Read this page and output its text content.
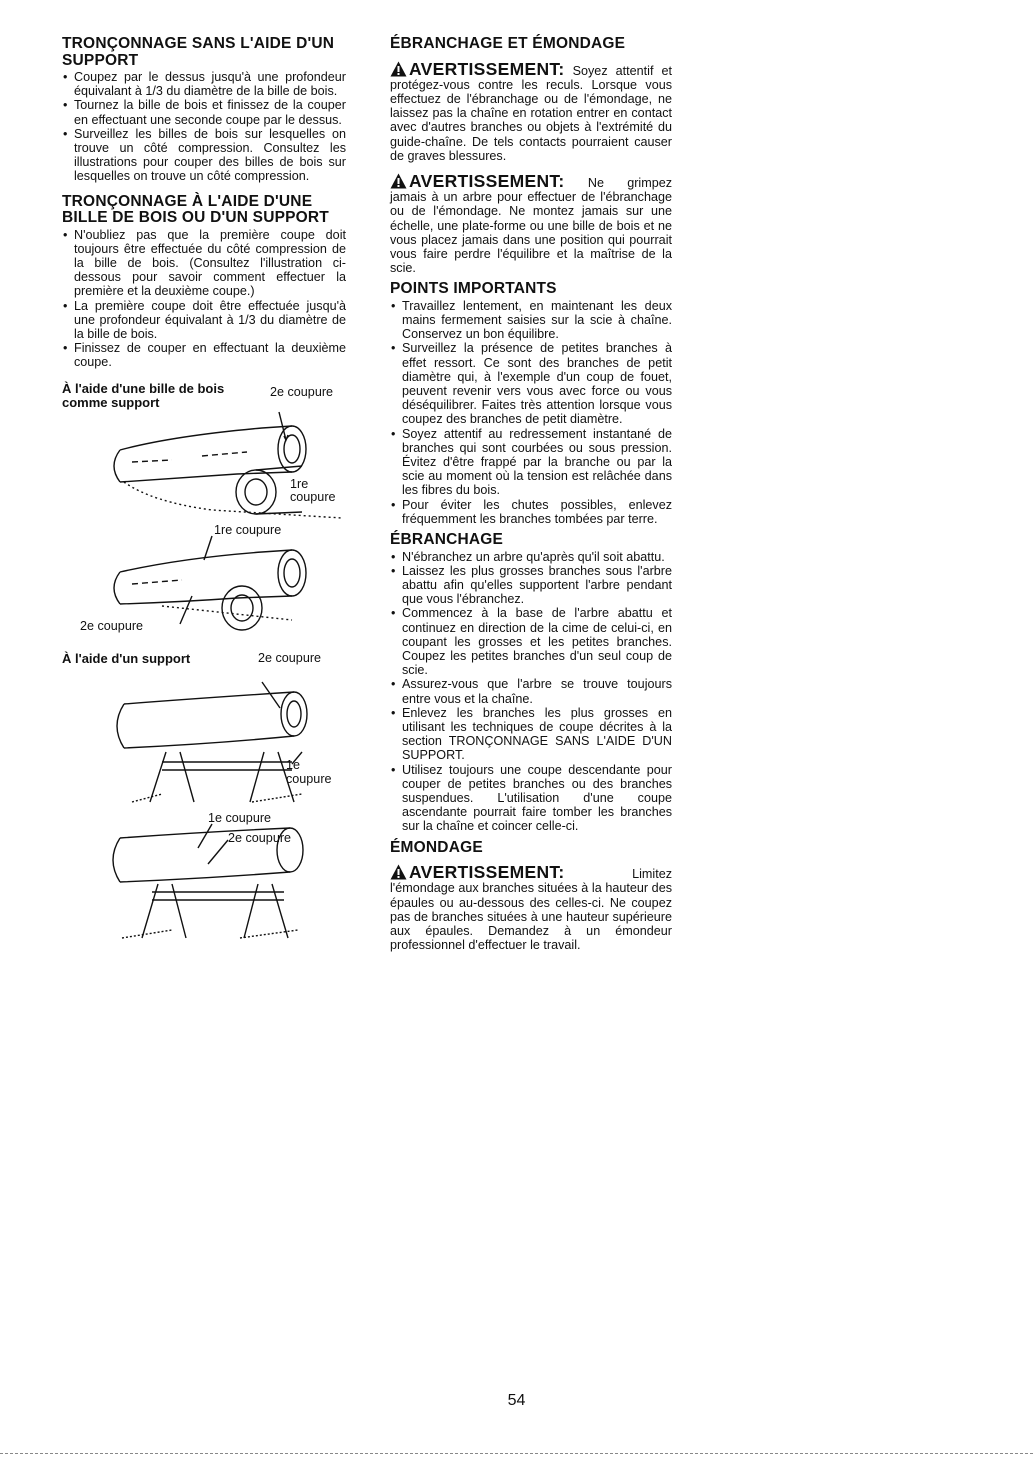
TRONÇONNAGE SANS L'AIDE D'UN SUPPORT
• Coupez par le dessus jusqu'à une profondeur équivalant à 1/3 du diamètre de la bille de bois.
• Tournez la bille de bois et finissez de la couper en effectuant une seconde coupe par le dessus.
• Surveillez les billes de bois sur lesquelles on trouve un côté compression. Consultez les illustrations pour couper des billes de bois sur lesquelles on trouve un côté compression.
TRONÇONNAGE À L'AIDE D'UNE BILLE DE BOIS OU D'UN SUPPORT
• N'oubliez pas que la première coupe doit toujours être effectuée du côté compression de la bille de bois. (Consultez l'illustration ci-dessous pour savoir comment effectuer la première et la deuxième coupe.)
• La première coupe doit être effectuée jusqu'à une profondeur équivalant à 1/3 du diamètre de la bille de bois.
• Finissez de couper en effectuant la deuxième coupe.
À l'aide d'une bille de bois comme support
2e coupure
1re coupure
1re coupure
2e coupure
À l'aide d'un support	2e coupure
1e coupure
1e coupure
2e coupure
ÉBRANCHAGE ET ÉMONDAGE

AVERTISSEMENT: Soyez attentif et protégez-vous contre les reculs. Lorsque vous effectuez de l'ébranchage ou de l'émondage, ne laissez pas la chaîne en rotation entrer en contact avec d'autres branches ou objets à l'extrémité du guide-chaîne. De tels contacts pourraient causer de graves blessures.

AVERTISSEMENT: Ne grimpez jamais à un arbre pour effectuer de l'ébranchage ou de l'émondage. Ne montez jamais sur une échelle, une plate-forme ou une bille de bois et ne vous placez jamais dans une position qui pourrait vous faire perdre l'équilibre et la maîtrise de la scie.

POINTS IMPORTANTS
• Travaillez lentement, en maintenant les deux mains fermement saisies sur la scie à chaîne. Conservez un bon équilibre.
• Surveillez la présence de petites branches à effet ressort. Ce sont des branches de petit diamètre qui, à l'exemple d'un coup de fouet, peuvent revenir vers vous avec force ou vous déséquilibrer. Faites très attention lorsque vous coupez des branches de petit diamètre.
• Soyez attentif au redressement instantané de branches qui sont courbées ou sous pression. Évitez d'être frappé par la branche ou par la scie au moment où la tension est relâchée dans les fibres du bois.
• Pour éviter les chutes possibles, enlevez fréquemment les branches tombées par terre.
ÉBRANCHAGE
• N'ébranchez un arbre qu'après qu'il soit abattu.
• Laissez les plus grosses branches sous l'arbre abattu afin qu'elles supportent l'arbre pendant que vous l'ébranchez.
• Commencez à la base de l'arbre abattu et continuez en direction de la cime de celui-ci, en coupant les grosses et les petites branches. Coupez les petites branches d'un seul coup de scie.
• Assurez-vous que l'arbre se trouve toujours entre vous et la chaîne.
• Enlevez les branches les plus grosses en utilisant les techniques de coupe décrites à la section TRONÇONNAGE SANS L'AIDE D'UN SUPPORT.
• Utilisez toujours une coupe descendante pour couper de petites branches ou des branches suspendues. L'utilisation d'une coupe ascendante pourrait faire tomber les branches sur la chaîne et coincer celle-ci.
ÉMONDAGE

AVERTISSEMENT:	Limitez l'émondage aux branches situées à la hauteur des épaules ou au-dessous des celles-ci. Ne coupez pas de branches situées à une hauteur supérieure aux épaules. Demandez à un émondeur professionnel d'effectuer le travail.

54
